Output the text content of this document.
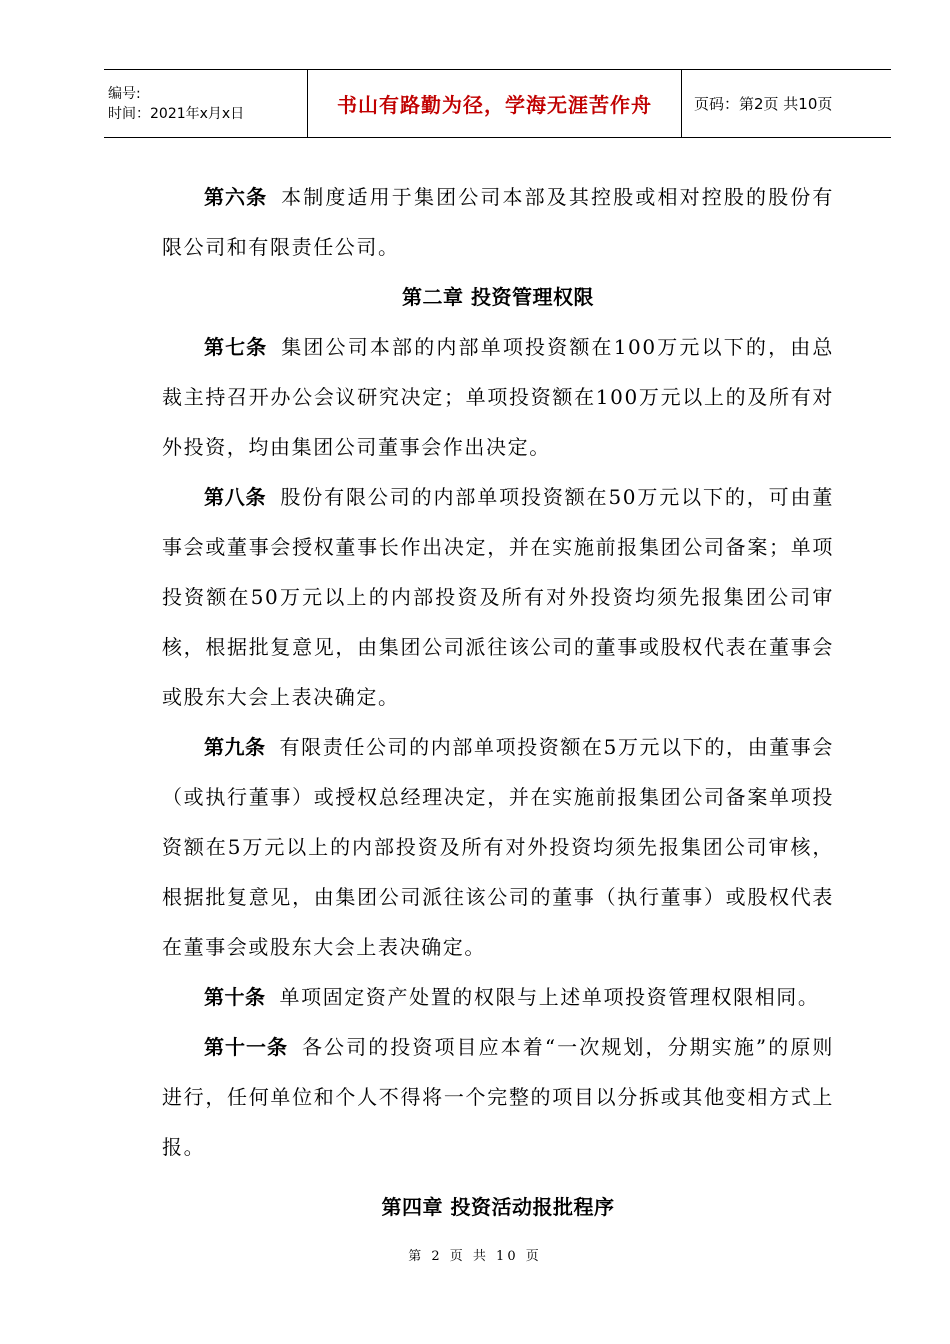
编号:
时间：2021年x月x日	书山有路勤为径，学海无涯苦作舟	页码：第2页 共10页

第六条 本制度适用于集团公司本部及其控股或相对控股的股份有限公司和有限责任公司。

第二章 投资管理权限

第七条 集团公司本部的内部单项投资额在100万元以下的，由总裁主持召开办公会议研究决定；单项投资额在100万元以上的及所有对外投资，均由集团公司董事会作出决定。

第八条 股份有限公司的内部单项投资额在50万元以下的，可由董事会或董事会授权董事长作出决定，并在实施前报集团公司备案；单项投资额在50万元以上的内部投资及所有对外投资均须先报集团公司审核，根据批复意见，由集团公司派往该公司的董事或股权代表在董事会或股东大会上表决确定。

第九条 有限责任公司的内部单项投资额在5万元以下的，由董事会（或执行董事）或授权总经理决定，并在实施前报集团公司备案单项投资额在5万元以上的内部投资及所有对外投资均须先报集团公司审核，根据批复意见，由集团公司派往该公司的董事（执行董事）或股权代表在董事会或股东大会上表决确定。

第十条 单项固定资产处置的权限与上述单项投资管理权限相同。

第十一条 各公司的投资项目应本着“一次规划，分期实施”的原则进行，任何单位和个人不得将一个完整的项目以分拆或其他变相方式上报。

第四章 投资活动报批程序

第 2 页 共 10 页
